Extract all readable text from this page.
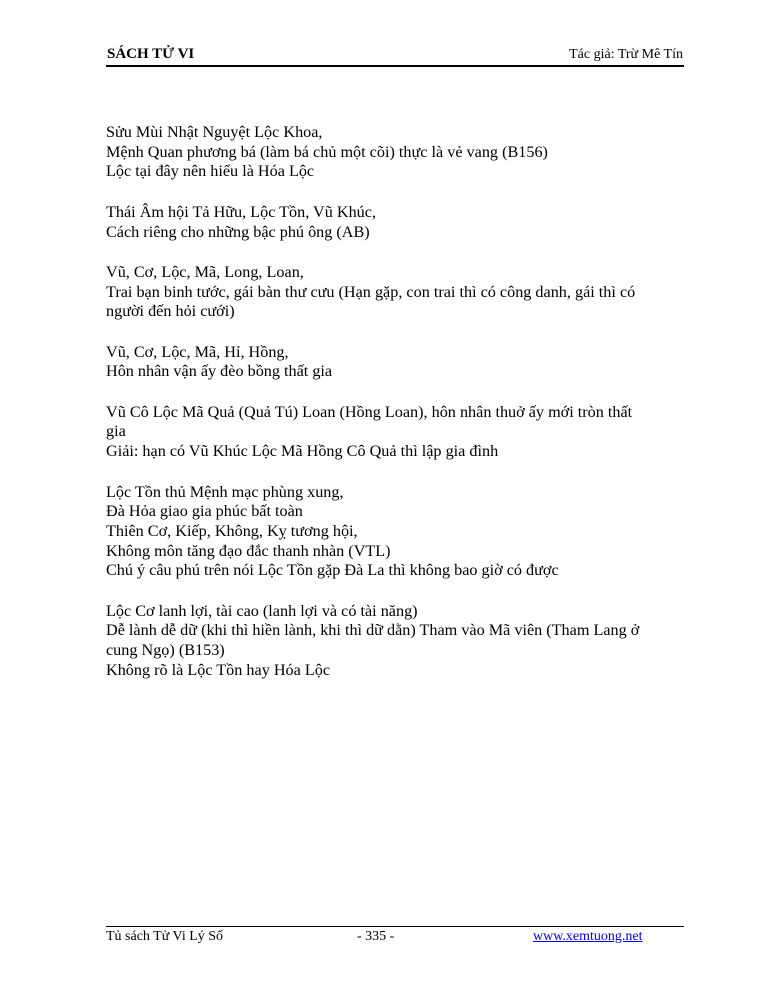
SÁCH TỬ VI	Tác giả: Trừ Mê Tín

Sửu Mùi Nhật Nguyệt Lộc Khoa,
Mệnh Quan phương bá (làm bá chủ một cõi) thực là vẻ vang (B156)
Lộc tại đây nên hiểu là Hóa Lộc

Thái Âm hội Tả Hữu, Lộc Tồn, Vũ Khúc,
Cách riêng cho những bậc phú ông (AB)

Vũ, Cơ, Lộc, Mã, Long, Loan,
Trai bạn binh tước, gái bàn thư cưu (Hạn gặp, con trai thì có công danh, gái thì có
người đến hỏi cưới)

Vũ, Cơ, Lộc, Mã, Hỉ, Hồng,
Hôn nhân vận ấy đèo bồng thất gia

Vũ Cô Lộc Mã Quả (Quả Tú) Loan (Hồng Loan), hôn nhân thuở ấy mới tròn thất
gia
Giải: hạn có Vũ Khúc Lộc Mã Hồng Cô Quả thì lập gia đình

Lộc Tồn thủ Mệnh mạc phùng xung,
Đà Hỏa giao gia phúc bất toàn
Thiên Cơ, Kiếp, Không, Kỵ tương hội,
Không môn tăng đạo đắc thanh nhàn (VTL)
Chú ý câu phú trên nói Lộc Tồn gặp Đà La thì không bao giờ có được

Lộc Cơ lanh lợi, tài cao (lanh lợi và có tài năng)
Dễ lành dễ dữ (khi thì hiền lành, khi thì dữ dằn) Tham vào Mã viên (Tham Lang ở
cung Ngọ) (B153)
Không rõ là Lộc Tồn hay Hóa Lộc

Tủ sách Tử Vi Lý Số	- 335 -	www.xemtuong.net
